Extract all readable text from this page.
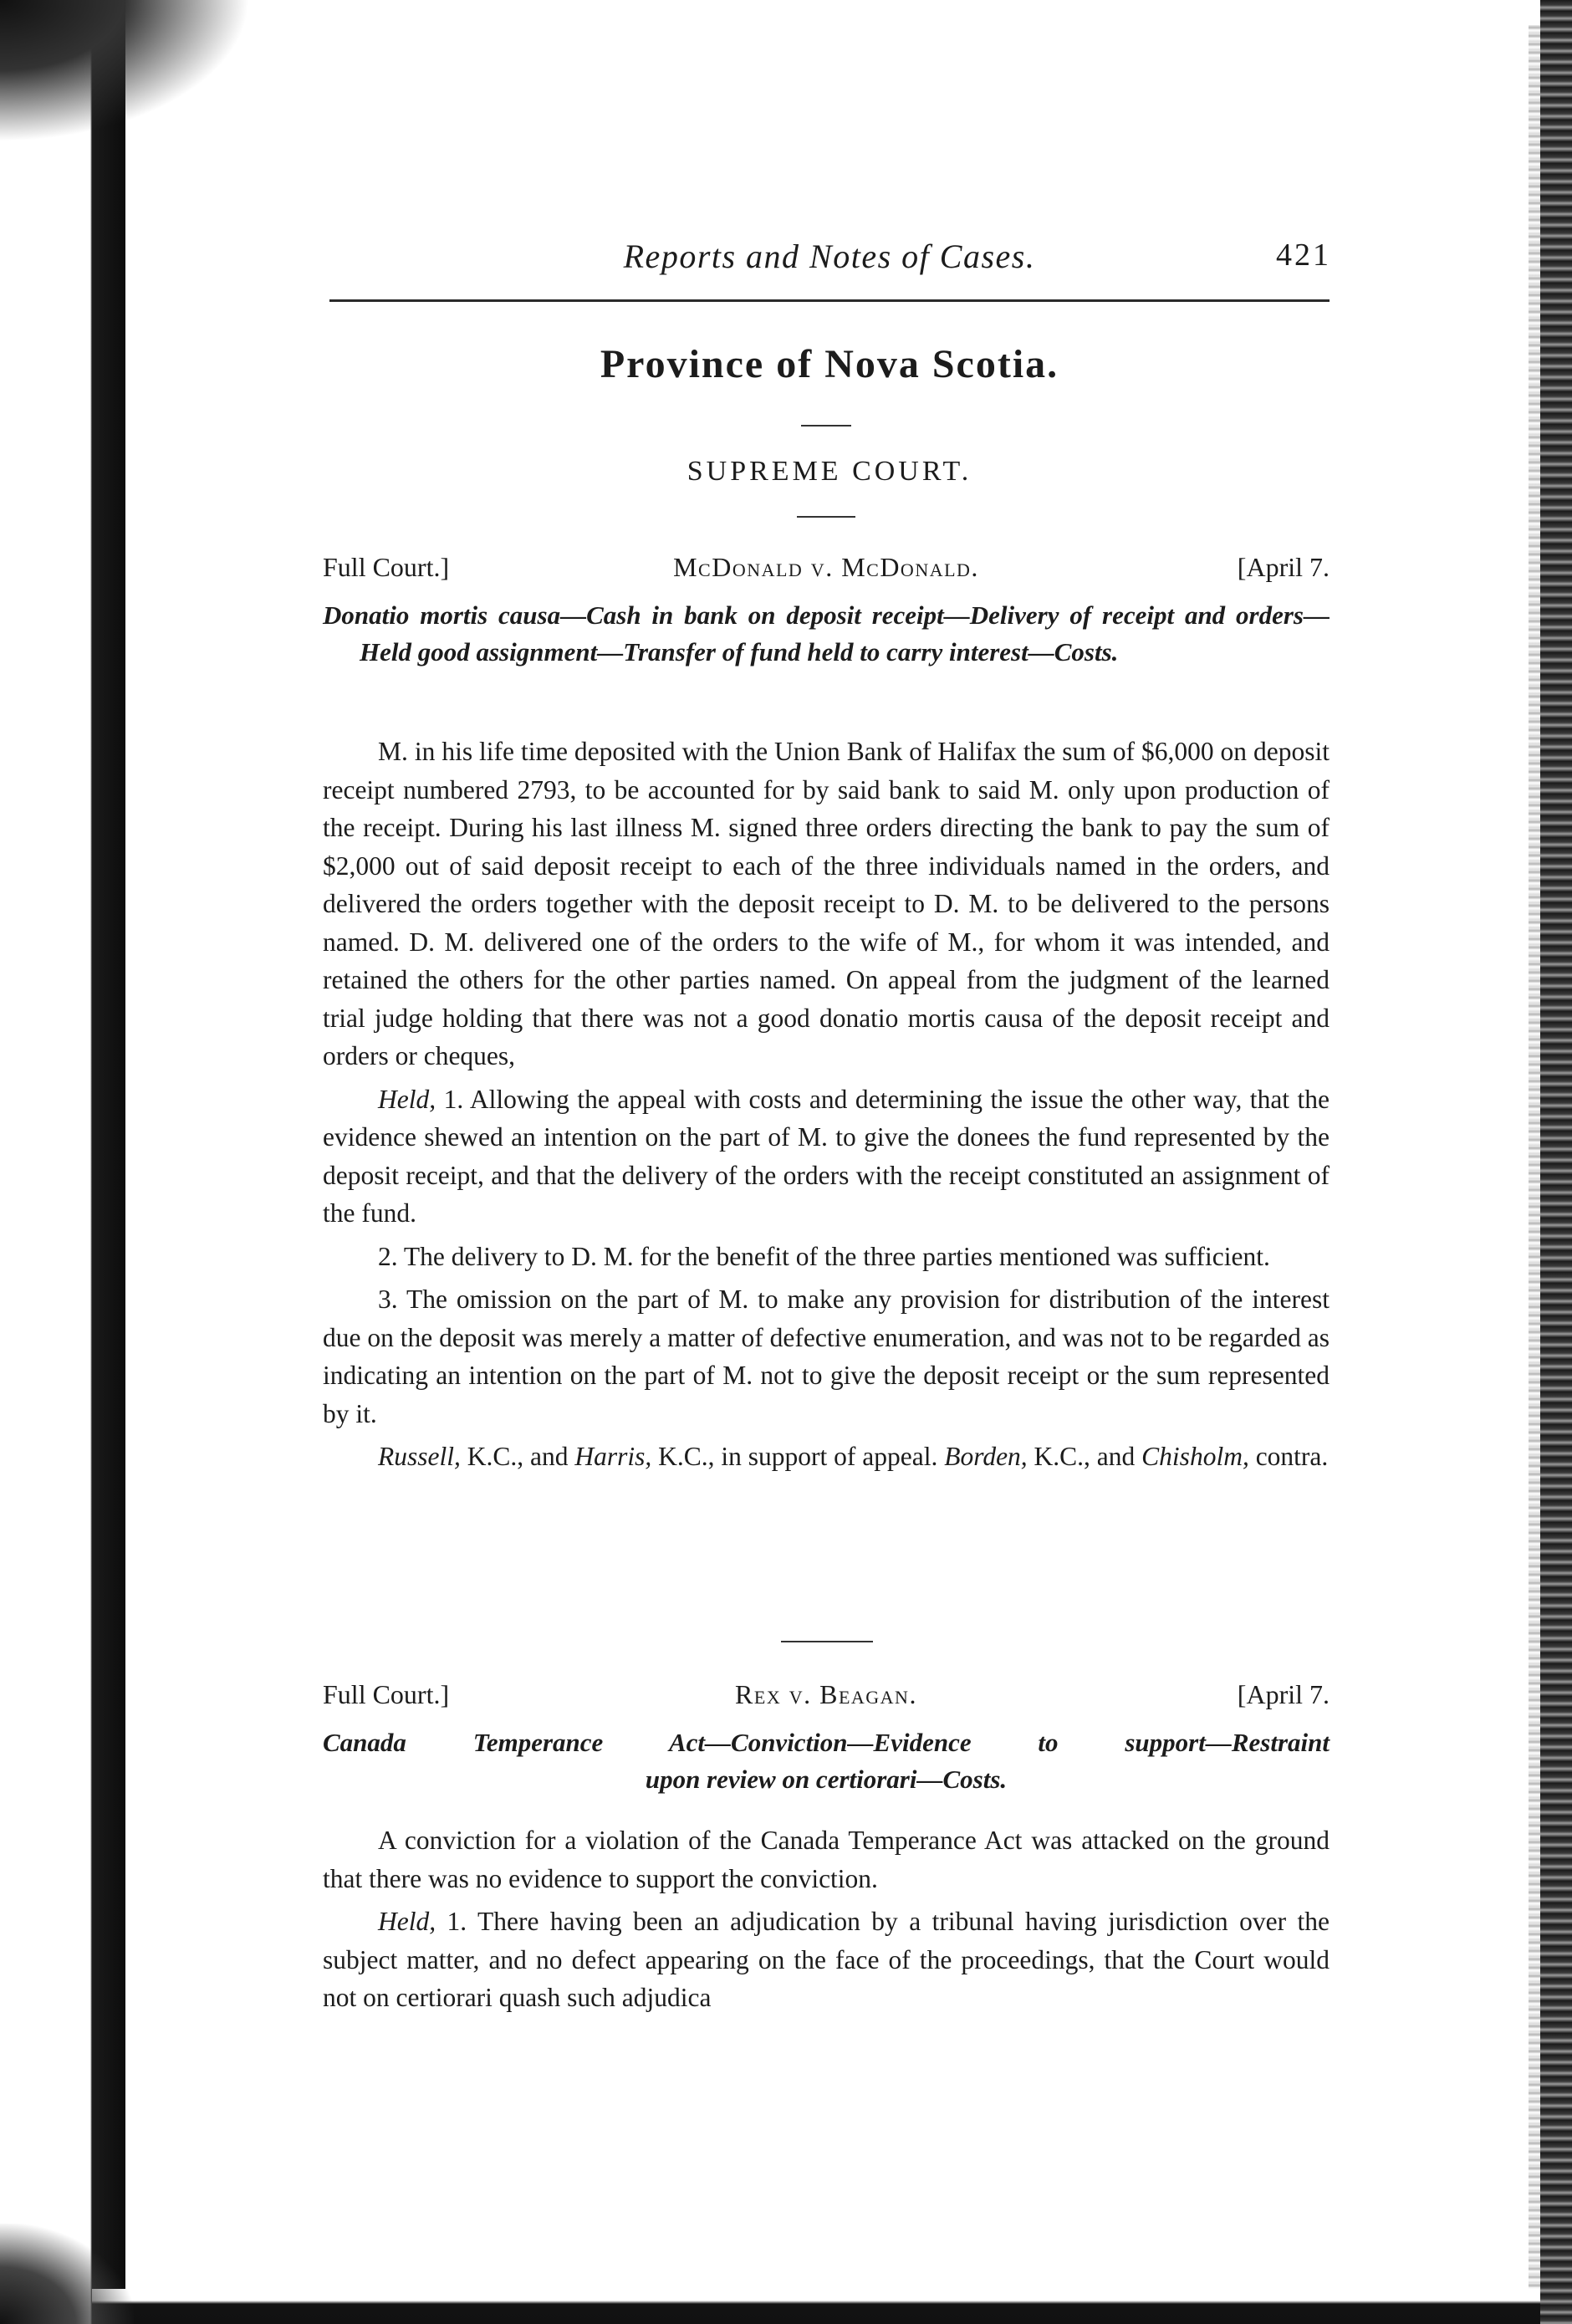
Reports and Notes of Cases.	421
Province of Nova Scotia.
SUPREME COURT.
Full Court.]	McDonald v. McDonald.	[April 7.
Donatio mortis causa—Cash in bank on deposit receipt—Delivery of receipt and orders—Held good assignment—Transfer of fund held to carry interest—Costs.

M. in his life time deposited with the Union Bank of Halifax the sum of $6,000 on deposit receipt numbered 2793, to be accounted for by said bank to said M. only upon production of the receipt. During his last illness M. signed three orders directing the bank to pay the sum of $2,000 out of said deposit receipt to each of the three individuals named in the orders, and delivered the orders together with the deposit receipt to D. M. to be delivered to the persons named. D. M. delivered one of the orders to the wife of M., for whom it was intended, and retained the others for the other parties named. On appeal from the judgment of the learned trial judge holding that there was not a good donatio mortis causa of the deposit receipt and orders or cheques,

Held, 1. Allowing the appeal with costs and determining the issue the other way, that the evidence shewed an intention on the part of M. to give the donees the fund represented by the deposit receipt, and that the delivery of the orders with the receipt constituted an assignment of the fund.

2. The delivery to D. M. for the benefit of the three parties mentioned was sufficient.

3. The omission on the part of M. to make any provision for distribution of the interest due on the deposit was merely a matter of defective enumeration, and was not to be regarded as indicating an intention on the part of M. not to give the deposit receipt or the sum represented by it.

Russell, K.C., and Harris, K.C., in support of appeal. Borden, K.C., and Chisholm, contra.

Full Court.]	Rex v. Beagan.	[April 7.
Canada Temperance Act—Conviction—Evidence to support—Restraint
upon review on certiorari—Costs.

A conviction for a violation of the Canada Temperance Act was attacked on the ground that there was no evidence to support the conviction.

Held, 1. There having been an adjudication by a tribunal having jurisdiction over the subject matter, and no defect appearing on the face of the proceedings, that the Court would not on certiorari quash such adjudica
